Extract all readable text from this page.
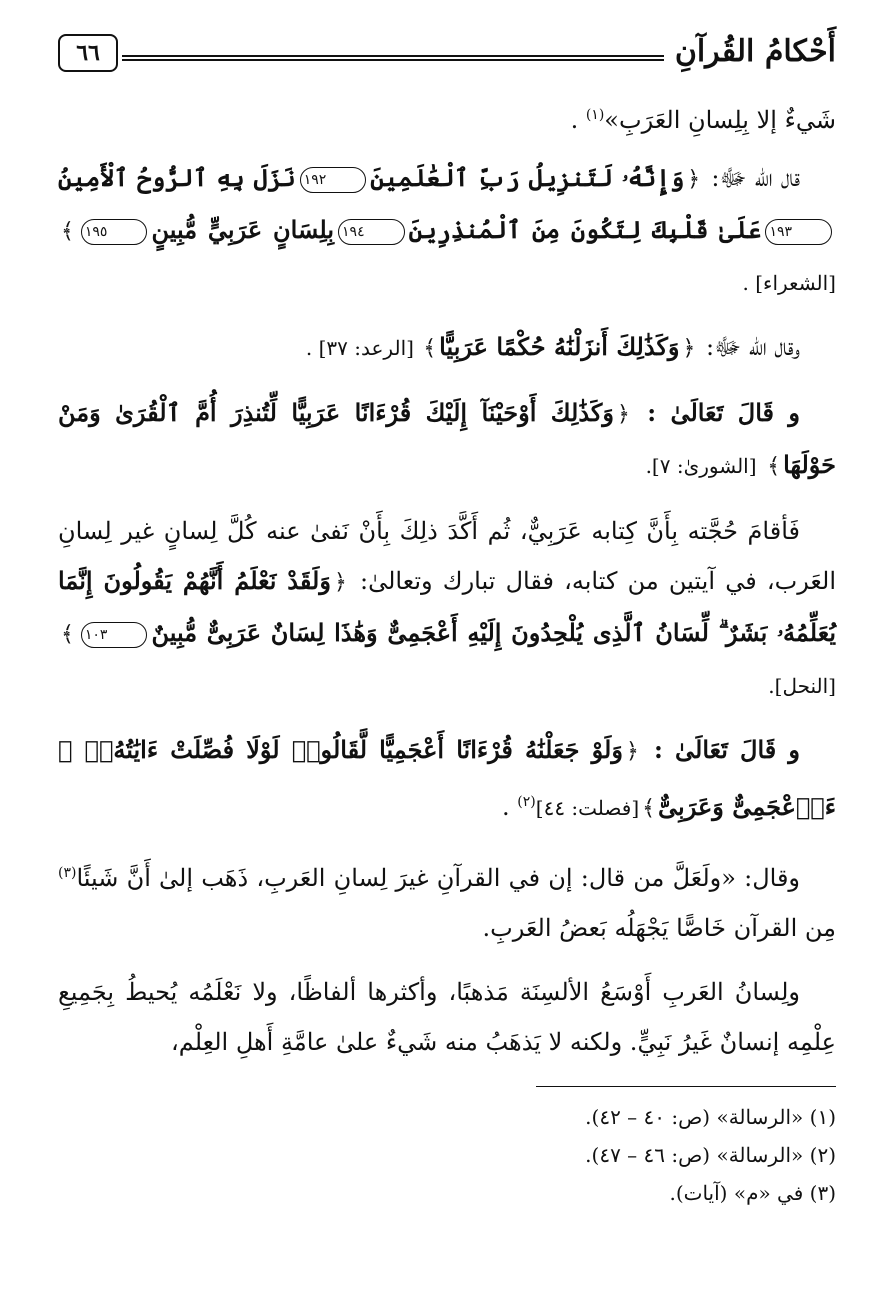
أَحْكامُ القُرآنِ
٦٦

شَيءٌ إلا بِلِسانِ العَرَبِ»$^{(١)}$ .

قال الله ﷻ: ﴿وَإِنَّهُۥ لَتَنزِيلُ رَبِّ ٱلْعَٰلَمِينَ١٩٢نَزَلَ بِهِ ٱلرُّوحُ ٱلْأَمِينُ١٩٣عَلَىٰ قَلْبِكَ لِتَكُونَ مِنَ ٱلْمُنذِرِينَ١٩٤بِلِسَانٍ عَرَبِيٍّ مُّبِينٍ١٩٥﴾[الشعراء] .

وقال الله ﷻ: ﴿وَكَذَٰلِكَ أَنزَلْنَٰهُ حُكْمًا عَرَبِيًّا﴾ [الرعد: ٣٧] .

و قَالَ تَعَالَىٰ : ﴿وَكَذَٰلِكَ أَوْحَيْنَآ إِلَيْكَ قُرْءَانًا عَرَبِيًّا لِّتُنذِرَ أُمَّ ٱلْقُرَىٰ وَمَنْ حَوْلَهَا﴾ [الشورىٰ: ٧].

فَأقامَ حُجَّته بِأَنَّ كِتابه عَرَبِيٌّ، ثُم أَكَّدَ ذلِكَ بِأَنْ نَفىٰ عنه كُلَّ لِسانٍ غير لِسانِ العَرب، في آيتين من كتابه، فقال تبارك وتعالىٰ: ﴿وَلَقَدْ نَعْلَمُ أَنَّهُمْ يَقُولُونَ إِنَّمَا يُعَلِّمُهُۥ بَشَرٌ ۗ لِّسَانُ ٱلَّذِى يُلْحِدُونَ إِلَيْهِ أَعْجَمِىٌّ وَهَٰذَا لِسَانٌ عَرَبِىٌّ مُّبِينٌ١٠٣﴾[النحل].

و قَالَ تَعَالَىٰ : ﴿وَلَوْ جَعَلْنَٰهُ قُرْءَانًا أَعْجَمِيًّا لَّقَالُوا۟ لَوْلَا فُصِّلَتْ ءَايَٰتُهُۥٓ ۖ ءَا۬عْجَمِىٌّ وَعَرَبِىٌّ﴾[فصلت: ٤٤]$^{(٢)}$ .

وقال: «ولَعَلَّ من قال: إن في القرآنِ غيرَ لِسانِ العَربِ، ذَهَب إلىٰ أَنَّ شَيئًا$^{(٣)}$ مِن القرآن خَاصًّا يَجْهَلُه بَعضُ العَربِ.

ولِسانُ العَربِ أَوْسَعُ الألسِنَة مَذهبًا، وأكثرها ألفاظًا، ولا نَعْلَمُه يُحيطُ بِجَمِيعِ عِلْمِه إنسانٌ غَيرُ نَبِيٍّ. ولكنه لا يَذهَبُ منه شَيءٌ علىٰ عامَّةِ أَهلِ العِلْم،

(١) «الرسالة» (ص: ٤٠ – ٤٢).

(٢) «الرسالة» (ص: ٤٦ – ٤٧).

(٣) في «م» (آيات).
